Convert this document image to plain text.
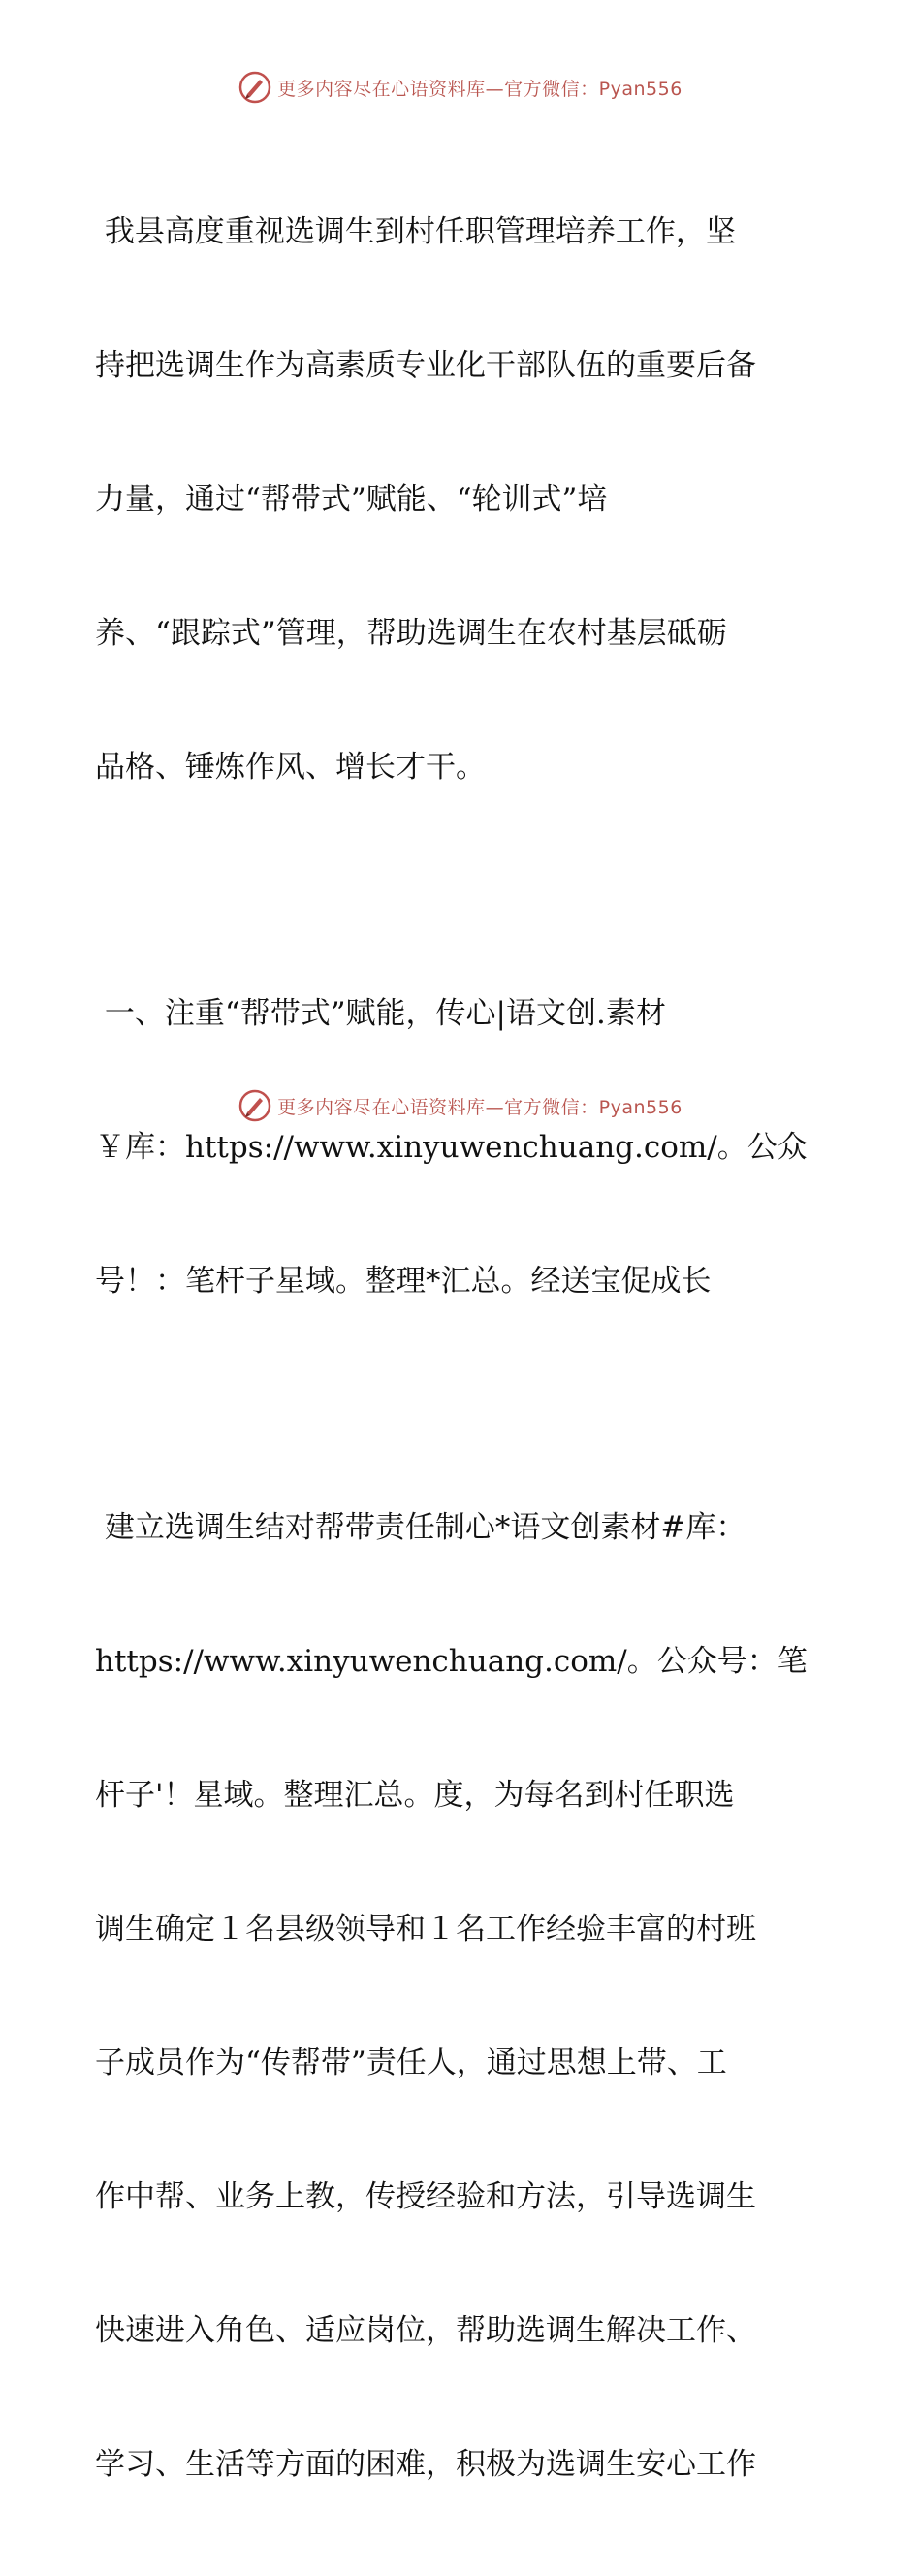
更多内容尽在心语资料库—官方微信：Pyan556

我县高度重视选调生到村任职管理培养工作，坚

持把选调生作为高素质专业化干部队伍的重要后备

力量，通过“帮带式”赋能、“轮训式”培

养、“跟踪式”管理，帮助选调生在农村基层砥砺

品格、锤炼作风、增长才干。

一、注重“帮带式”赋能，传心|语文创.素材

￥库：https://www.xinyuwenchuang.com/。公众

号！：笔杆子星域。整理*汇总。经送宝促成长

建立选调生结对帮带责任制心*语文创素材#库：

https://www.xinyuwenchuang.com/。公众号：笔

杆子'！星域。整理汇总。度，为每名到村任职选

调生确定１名县级领导和１名工作经验丰富的村班

子成员作为“传帮带”责任人，通过思想上带、工

作中帮、业务上教，传授经验和方法，引导选调生

快速进入角色、适应岗位，帮助选调生解决工作、

学习、生活等方面的困难，积极为选调生安心工作

更多内容尽在心语资料库—官方微信：Pyan556
